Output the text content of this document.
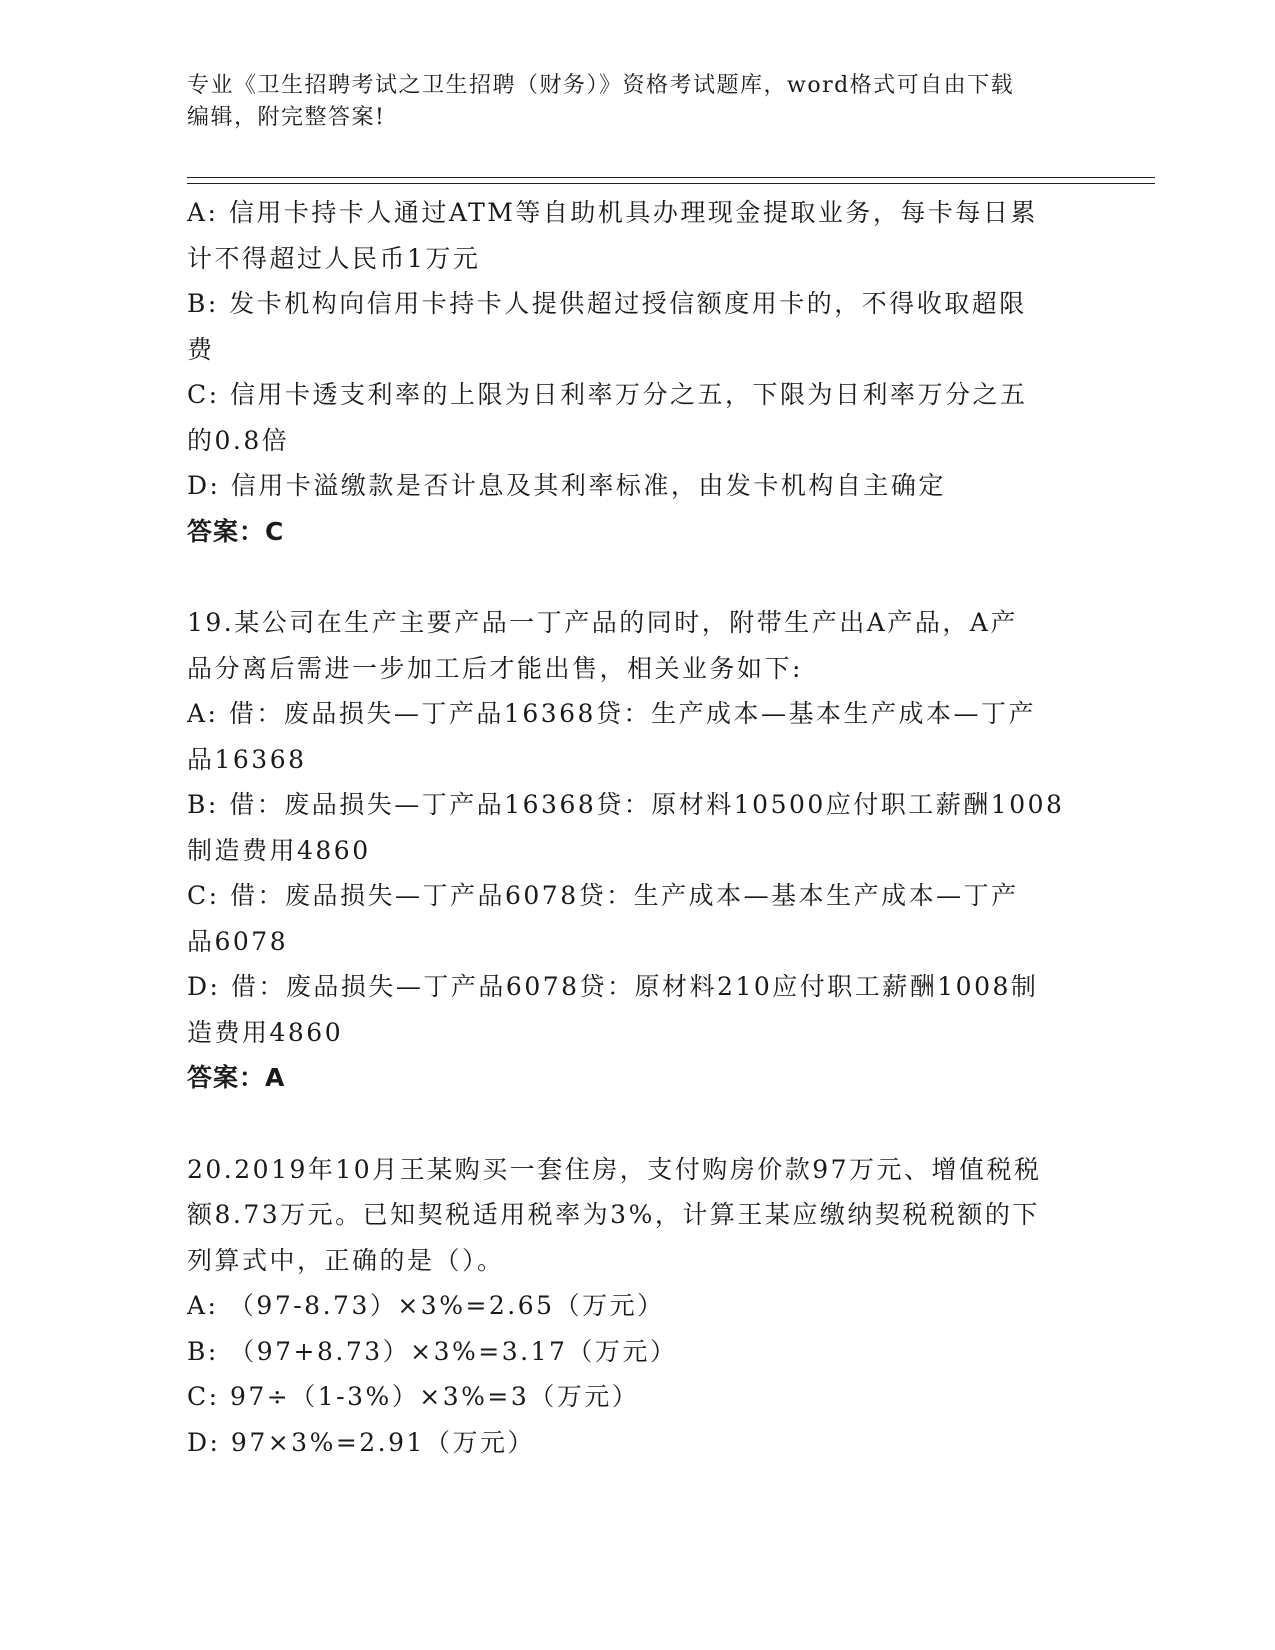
专业《卫生招聘考试之卫生招聘（财务）》资格考试题库，word格式可自由下载
编辑，附完整答案!
A: 信用卡持卡人通过ATM等自助机具办理现金提取业务，每卡每日累
计不得超过人民币1万元
B: 发卡机构向信用卡持卡人提供超过授信额度用卡的，不得收取超限
费
C: 信用卡透支利率的上限为日利率万分之五，下限为日利率万分之五
的0.8倍
D: 信用卡溢缴款是否计息及其利率标准，由发卡机构自主确定
答案：C
19.某公司在生产主要产品一丁产品的同时，附带生产出A产品，A产
品分离后需进一步加工后才能出售，相关业务如下:
A: 借：废品损失—丁产品16368贷：生产成本—基本生产成本—丁产
品16368
B: 借：废品损失—丁产品16368贷：原材料10500应付职工薪酬1008
制造费用4860
C: 借：废品损失—丁产品6078贷：生产成本—基本生产成本—丁产
品6078
D: 借：废品损失—丁产品6078贷：原材料210应付职工薪酬1008制
造费用4860
答案：A
20.2019年10月王某购买一套住房，支付购房价款97万元、增值税税
额8.73万元。已知契税适用税率为3%，计算王某应缴纳契税税额的下
列算式中，正确的是（）。
A: （97-8.73）×3%=2.65（万元）
B: （97+8.73）×3%=3.17（万元）
C: 97÷（1-3%）×3%=3（万元）
D: 97×3%=2.91（万元）
